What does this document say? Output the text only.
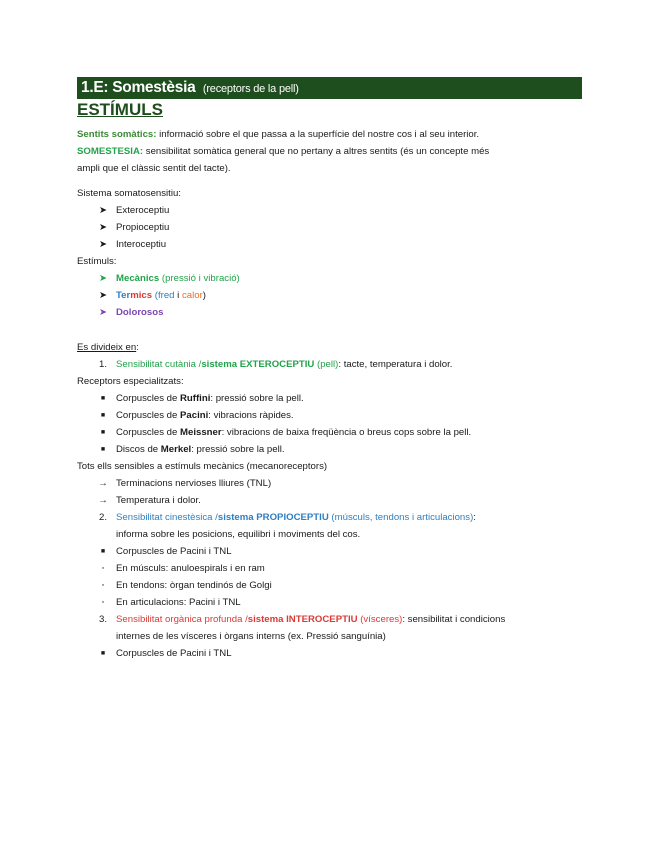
1.E: Somestèsia (receptors de la pell)
ESTÍMULS
Sentits somàtics: informació sobre el que passa a la superfície del nostre cos i al seu interior.
SOMESTESIA: sensibilitat somàtica general que no pertany a altres sentits (és un concepte més
ampli que el clàssic sentit del tacte).
Sistema somatosensitiu:
➤ Exteroceptiu
➤ Propioceptiu
➤ Interoceptiu
Estímuls:
➤ Mecànics (pressió i vibració)
➤ Termics (fred i calor)
➤ Dolorosos
Es divideix en:
1. Sensibilitat cutània /sistema EXTEROCEPTIU (pell): tacte, temperatura i dolor.
Receptors especialitzats:
■	Corpuscles de Ruffini: pressió sobre la pell.
■	Corpuscles de Pacini: vibracions ràpides.
■	Corpuscles de Meissner: vibracions de baixa freqüència o breus cops sobre la pell.
■	Discos de Merkel: pressió sobre la pell.
Tots ells sensibles a estímuls mecànics (mecanoreceptors)
→ Terminacions nervioses lliures (TNL)
→ Temperatura i dolor.
2. Sensibilitat cinestèsica /sistema PROPIOCEPTIU (músculs, tendons i articulacions):
informa sobre les posicions, equilibri i moviments del cos.
■	Corpuscles de Pacini i TNL
▫	En músculs: anuloespirals i en ram
▫	En tendons: òrgan tendinós de Golgi
▫	En articulacions: Pacini i TNL
3. Sensibilitat orgànica profunda /sistema INTEROCEPTIU (vísceres): sensibilitat i condicions
internes de les vísceres i òrgans interns (ex. Pressió sanguínia)
■	Corpuscles de Pacini i TNL
